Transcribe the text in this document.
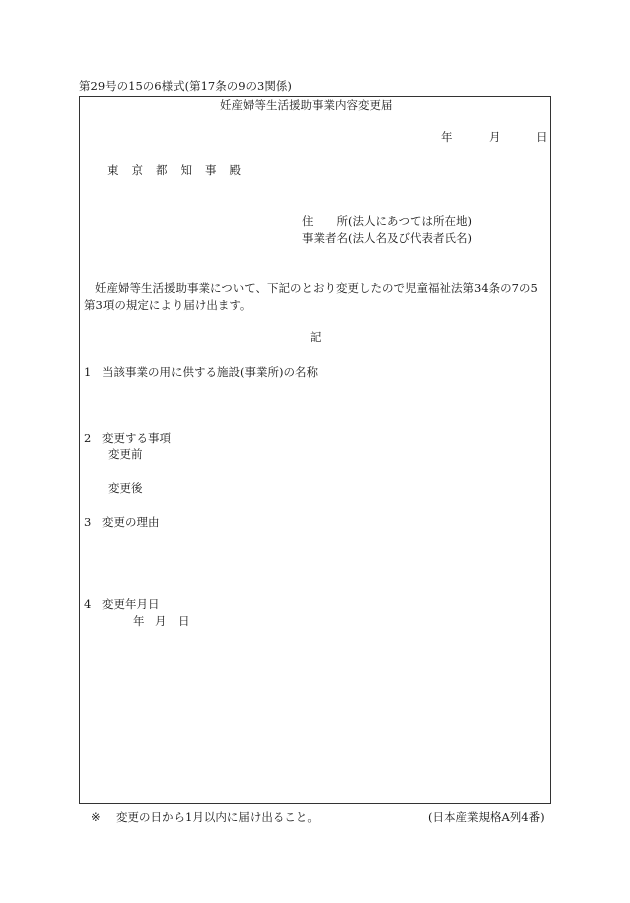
第29号の15の6様式(第17条の9の3関係)
妊産婦等生活援助事業内容変更届
年	月	日
東京都知事殿
住　　所(法人にあつては所在地)
事業者名(法人名及び代表者氏名)
妊産婦等生活援助事業について、下記のとおり変更したので児童福祉法第34条の7の5
第3項の規定により届け出ます。
記
1 当該事業の用に供する施設(事業所)の名称
2 変更する事項
変更前
変更後
3 変更の理由
4 変更年月日
年 月 日
※ 変更の日から1月以内に届け出ること。	(日本産業規格A列4番)
